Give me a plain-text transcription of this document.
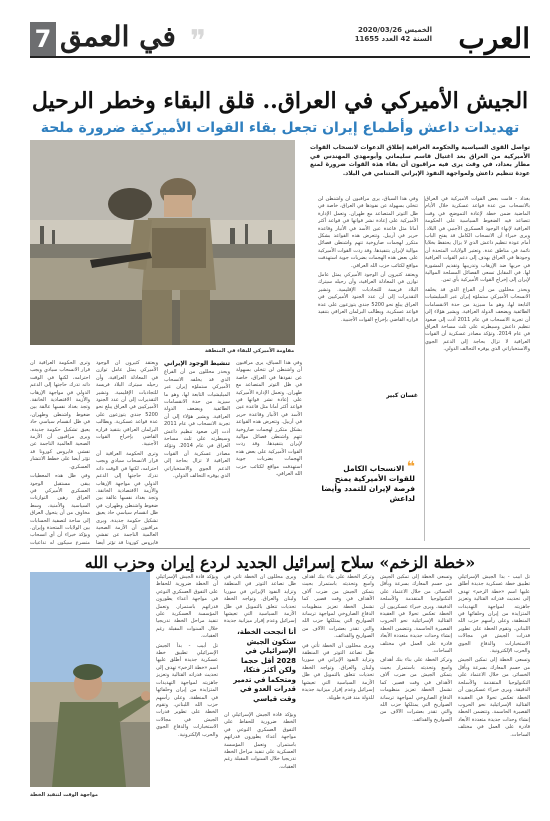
العرب
الخميس 2020/03/26
السنة 42 العدد 11655
❞
في العمق
7
الجيش الأميركي في العراق.. قلق البقاء وخطر الرحيل
تهديدات داعش وأطماع إيران تجعل بقاء القوات الأميركية ضرورة ملحة

تواصل القوى السياسية والحكومة العراقية إطلاق الدعوات لانسحاب القوات الأميركية من العراق بعد اغتيال قاسم سليماني وأبومهدي المهندس في مطار بغداد، في وقت يرى فيه مراقبون أن بقاء هذه القوات ضرورة لمنع عودة تنظيم داعش ولمواجهة النفوذ الإيراني المتنامي في البلاد.

مقاومة الأميركي للبقاء في المنطقة

بغداد - قامت بعض القوات الأميركية في العراق بالانسحاب من عدة قواعد عسكرية خلال الأيام الماضية ضمن خطة لإعادة التموضع، في وقت تتصاعد فيه الضغوط السياسية على الحكومة العراقية لإنهاء الوجود العسكري الأجنبي في البلاد. ويرى خبراء أن الانسحاب الكامل قد يفتح الباب أمام عودة تنظيم داعش الذي لا يزال يحتفظ بخلايا نائمة في مناطق عدة. وتعتبر الولايات المتحدة أن وجودها في العراق يهدف إلى دعم القوات العراقية في حربها ضد الإرهاب وتدريبها وتقديم المشورة لها. في المقابل تسعى الفصائل المسلحة الموالية لإيران إلى إخراج القوات الأميركية بأي ثمن.

ويحذر محللون من أن الفراغ الذي قد يخلفه الانسحاب الأميركي ستملؤه إيران عبر الميليشيات التابعة لها، وهو ما سيزيد من حدة الانقسامات الطائفية ويضعف الدولة العراقية. ويشير هؤلاء إلى أن تجربة الانسحاب في عام 2011 أدت إلى صعود تنظيم داعش وسيطرته على ثلث مساحة العراق في عام 2014. وتؤكد مصادر عسكرية أن القوات العراقية لا تزال بحاجة إلى الدعم الجوي والاستخباراتي الذي يوفره التحالف الدولي.

وفي هذا السياق، يرى مراقبون أن واشنطن لن تتخلى بسهولة عن نفوذها في العراق، خاصة في ظل التوتر المتصاعد مع طهران. وتعمل الإدارة الأميركية على إعادة نشر قواتها في قواعد أكثر أمانا مثل قاعدة عين الأسد في الأنبار وقاعدة حرير في أربيل. وتتعرض هذه القواعد بشكل متكرر لهجمات صاروخية تتهم واشنطن فصائل موالية لإيران بتنفيذها. وقد ردت القوات الأميركية على بعض هذه الهجمات بضربات جوية استهدفت مواقع لكتائب حزب الله العراقي.

ويعتقد كثيرون أن الوجود الأميركي يمثل عامل توازن في المعادلة العراقية، وأن رحيله سيترك البلاد فريسة للتجاذبات الإقليمية. وتشير التقديرات إلى أن عدد الجنود الأميركيين في العراق يبلغ نحو 5200 جندي يتوزعون على عدة قواعد عسكرية. ويطالب البرلمان العراقي بتنفيذ قراره القاضي بإخراج القوات الأجنبية.

غسان كبير
❝ الانسحاب الكامل للقوات الأميركية يمنح فرصة لإيران للتمدد وأيضا لداعش

وترى الحكومة العراقية أن قرار الانسحاب سيادي ويجب احترامه، لكنها في الوقت ذاته تدرك حاجتها إلى الدعم الدولي في مواجهة الإرهاب والأزمة الاقتصادية الخانقة. وتجد بغداد نفسها عالقة بين ضغوط واشنطن وطهران، في ظل انقسام سياسي حاد يعيق تشكيل حكومة جديدة. ويرى مراقبون أن الأزمة الصحية العالمية الناجمة عن تفشي فايروس كورونا قد تؤثر أيضا على خطط الانتشار العسكري.

وفي ظل هذه المعطيات يبقى مستقبل الوجود العسكري الأميركي في العراق رهين التوازنات السياسية والأمنية، وسط مخاوف من أن يتحول العراق إلى ساحة لتصفية الحسابات بين الولايات المتحدة وإيران. ويؤكد خبراء أن أي انسحاب متسرع سيكون له تداعيات

ويعتقد كثيرون أن الوجود الأميركي يمثل عامل توازن في المعادلة العراقية، وأن رحيله سيترك البلاد فريسة للتجاذبات الإقليمية. وتشير التقديرات إلى أن عدد الجنود الأميركيين في العراق يبلغ نحو 5200 جندي يتوزعون على عدة قواعد عسكرية. ويطالب البرلمان العراقي بتنفيذ قراره القاضي بإخراج القوات الأجنبية.

وترى الحكومة العراقية أن قرار الانسحاب سيادي ويجب احترامه، لكنها في الوقت ذاته تدرك حاجتها إلى الدعم الدولي في مواجهة الإرهاب والأزمة الاقتصادية الخانقة. وتجد بغداد نفسها عالقة بين ضغوط واشنطن وطهران، في ظل انقسام سياسي حاد يعيق تشكيل حكومة جديدة. ويرى مراقبون أن الأزمة الصحية العالمية الناجمة عن تفشي فايروس كورونا قد تؤثر أيضا

تنشيط الوجود الإيراني

ويحذر محللون من أن الفراغ الذي قد يخلفه الانسحاب الأميركي ستملؤه إيران عبر الميليشيات التابعة لها، وهو ما سيزيد من حدة الانقسامات الطائفية ويضعف الدولة العراقية. ويشير هؤلاء إلى أن تجربة الانسحاب في عام 2011 أدت إلى صعود تنظيم داعش وسيطرته على ثلث مساحة العراق في عام 2014. وتؤكد مصادر عسكرية أن القوات العراقية لا تزال بحاجة إلى الدعم الجوي والاستخباراتي الذي يوفره التحالف الدولي.

وفي هذا السياق، يرى مراقبون أن واشنطن لن تتخلى بسهولة عن نفوذها في العراق، خاصة في ظل التوتر المتصاعد مع طهران. وتعمل الإدارة الأميركية على إعادة نشر قواتها في قواعد أكثر أمانا مثل قاعدة عين الأسد في الأنبار وقاعدة حرير في أربيل. وتتعرض هذه القواعد بشكل متكرر لهجمات صاروخية تتهم واشنطن فصائل موالية لإيران بتنفيذها. وقد ردت القوات الأميركية على بعض هذه الهجمات بضربات جوية استهدفت مواقع لكتائب حزب الله العراقي.

«خطة الزخم» سلاح إسرائيل الجديد لردع إيران وحزب الله

تل أبيب - بدأ الجيش الإسرائيلي تطبيق خطة عسكرية جديدة أطلق عليها اسم «خطة الزخم» تهدف إلى تحديث قدراته القتالية وتعزيز جاهزيته لمواجهة التهديدات المتزايدة من إيران وحلفائها في المنطقة، وعلى رأسهم حزب الله اللبناني. وتقوم الخطة على تطوير قدرات الجيش في مجالات الاستخبارات والدفاع الجوي والحرب الإلكترونية.

وتسعى الخطة إلى تمكين الجيش من حسم المعارك بسرعة وبأقل الخسائر، من خلال الاعتماد على التكنولوجيا المتقدمة والأسلحة الدقيقة. ويرى خبراء عسكريون أن الخطة تعكس تحولا في العقيدة القتالية الإسرائيلية نحو الحروب القصيرة الحاسمة. وتتضمن الخطة إنشاء وحدات جديدة متعددة الأبعاد قادرة على العمل في مختلف الساحات.

وتسعى الخطة إلى تمكين الجيش من حسم المعارك بسرعة وبأقل الخسائر، من خلال الاعتماد على التكنولوجيا المتقدمة والأسلحة الدقيقة. ويرى خبراء عسكريون أن الخطة تعكس تحولا في العقيدة القتالية الإسرائيلية نحو الحروب القصيرة الحاسمة. وتتضمن الخطة إنشاء وحدات جديدة متعددة الأبعاد قادرة على العمل في مختلف الساحات.

وتركز الخطة على بناء بنك أهداف واسع وتحديثه باستمرار بحيث يتمكن الجيش من ضرب آلاف الأهداف في وقت قصير. كما تشمل الخطة تعزيز منظومات الدفاع الصاروخي لمواجهة ترسانة الصواريخ التي يمتلكها حزب الله والتي تقدر بعشرات الآلاف من الصواريخ والقذائف.

وتركز الخطة على بناء بنك أهداف واسع وتحديثه باستمرار بحيث يتمكن الجيش من ضرب آلاف الأهداف في وقت قصير. كما تشمل الخطة تعزيز منظومات الدفاع الصاروخي لمواجهة ترسانة الصواريخ التي يمتلكها حزب الله والتي تقدر بعشرات الآلاف من الصواريخ والقذائف.

ويرى محللون أن الخطة تأتي في ظل تصاعد التوتر في المنطقة وتزايد النفوذ الإيراني في سوريا ولبنان والعراق. وتواجه الخطة تحديات تتعلق بالتمويل في ظل الأزمة السياسية التي تعيشها إسرائيل وعدم إقرار ميزانية جديدة للدولة منذ فترة طويلة.

ويرى محللون أن الخطة تأتي في ظل تصاعد التوتر في المنطقة وتزايد النفوذ الإيراني في سوريا ولبنان والعراق. وتواجه الخطة تحديات تتعلق بالتمويل في ظل الأزمة السياسية التي تعيشها إسرائيل وعدم إقرار ميزانية جديدة

أنا أنجحت الخطة، ستكون الجيش الإسرائيلي في 2028 أقل حجما ولكن أكثر فتكا، ومتحكما في تدمير قدرات العدو في وقت قياسي

ويؤكد قادة الجيش الإسرائيلي أن الخطة ضرورية للحفاظ على التفوق العسكري النوعي في مواجهة أعداء يطورون قدراتهم باستمرار. وتعمل المؤسسة العسكرية على تنفيذ مراحل الخطة تدريجيا خلال السنوات المقبلة رغم العقبات.

ويؤكد قادة الجيش الإسرائيلي أن الخطة ضرورية للحفاظ على التفوق العسكري النوعي في مواجهة أعداء يطورون قدراتهم باستمرار. وتعمل المؤسسة العسكرية على تنفيذ مراحل الخطة تدريجيا خلال السنوات المقبلة رغم العقبات.

تل أبيب - بدأ الجيش الإسرائيلي تطبيق خطة عسكرية جديدة أطلق عليها اسم «خطة الزخم» تهدف إلى تحديث قدراته القتالية وتعزيز جاهزيته لمواجهة التهديدات المتزايدة من إيران وحلفائها في المنطقة، وعلى رأسهم حزب الله اللبناني. وتقوم الخطة على تطوير قدرات الجيش في مجالات الاستخبارات والدفاع الجوي والحرب الإلكترونية.

مواجهة الوقت لتنفيذ الخطة
